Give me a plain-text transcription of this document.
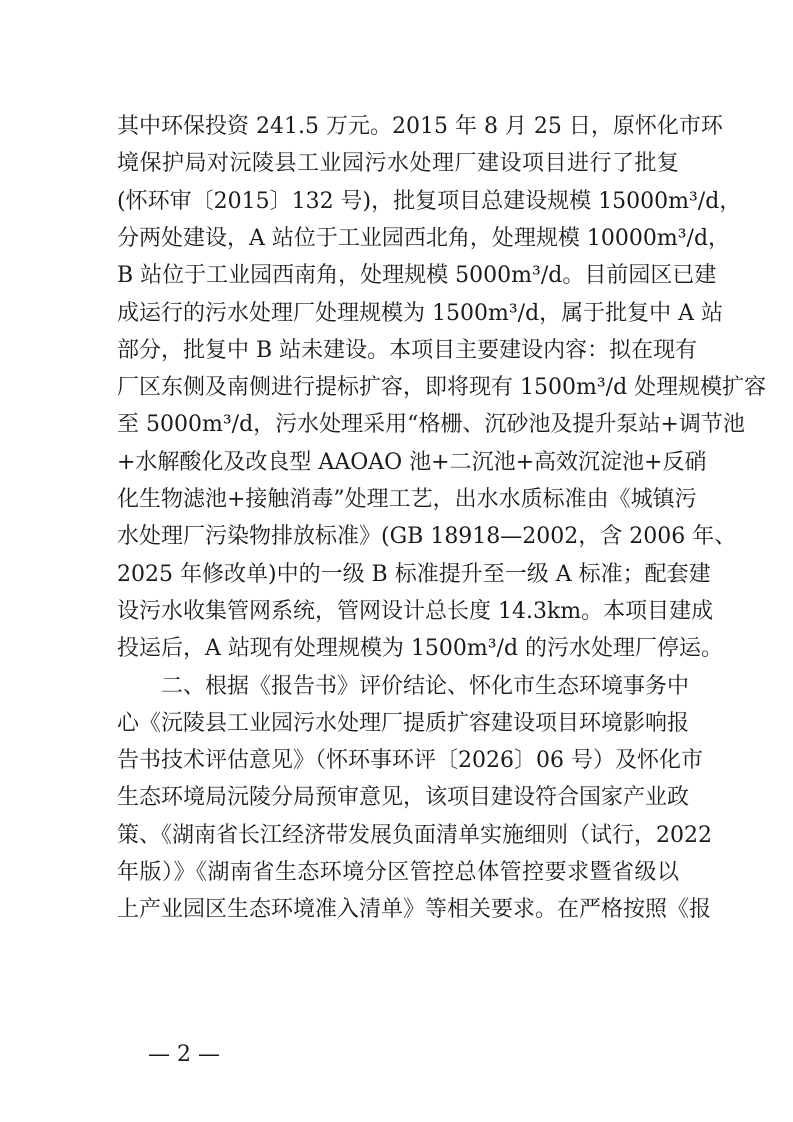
其中环保投资 241.5 万元。2015 年 8 月 25 日，原怀化市环
境保护局对沅陵县工业园污水处理厂建设项目进行了批复
(怀环审〔2015〕132 号)，批复项目总建设规模 15000m³/d，
分两处建设，A 站位于工业园西北角，处理规模 10000m³/d，
B 站位于工业园西南角，处理规模 5000m³/d。目前园区已建
成运行的污水处理厂处理规模为 1500m³/d，属于批复中 A 站
部分，批复中 B 站未建设。本项目主要建设内容：拟在现有
厂区东侧及南侧进行提标扩容，即将现有 1500m³/d 处理规模扩容
至 5000m³/d，污水处理采用“格栅、沉砂池及提升泵站+调节池
+水解酸化及改良型 AAOAO 池+二沉池+高效沉淀池+反硝
化生物滤池+接触消毒”处理工艺，出水水质标准由《城镇污
水处理厂污染物排放标准》(GB 18918—2002，含 2006 年、
2025 年修改单)中的一级 B 标准提升至一级 A 标准；配套建
设污水收集管网系统，管网设计总长度 14.3km。本项目建成
投运后，A 站现有处理规模为 1500m³/d 的污水处理厂停运。
　　二、根据《报告书》评价结论、怀化市生态环境事务中
心《沅陵县工业园污水处理厂提质扩容建设项目环境影响报
告书技术评估意见》（怀环事环评〔2026〕06 号）及怀化市
生态环境局沅陵分局预审意见，该项目建设符合国家产业政
策、《湖南省长江经济带发展负面清单实施细则（试行，2022
年版）》《湖南省生态环境分区管控总体管控要求暨省级以
上产业园区生态环境准入清单》等相关要求。在严格按照《报
— 2 —
